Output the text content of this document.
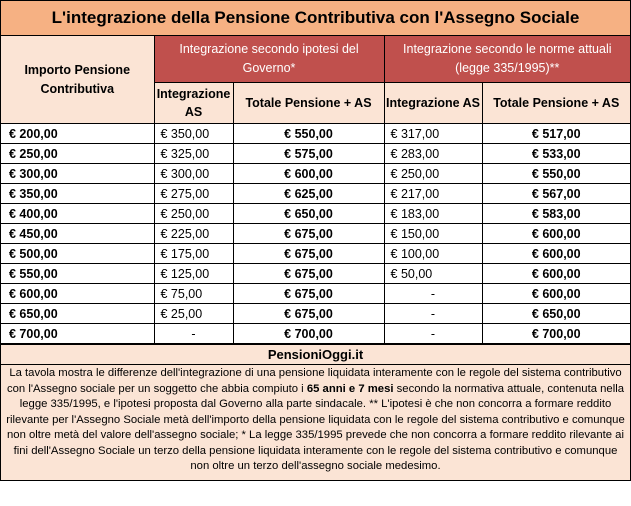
L'integrazione della Pensione Contributiva con l'Assegno Sociale
Importo Pensione Contributiva	Integrazione secondo ipotesi del Governo*		Integrazione secondo le norme attuali (legge 335/1995)**	
	Integrazione AS	Totale Pensione + AS	Integrazione AS	Totale Pensione + AS
€ 200,00	€ 350,00	€ 550,00	€ 317,00	€ 517,00
€ 250,00	€ 325,00	€ 575,00	€ 283,00	€ 533,00
€ 300,00	€ 300,00	€ 600,00	€ 250,00	€ 550,00
€ 350,00	€ 275,00	€ 625,00	€ 217,00	€ 567,00
€ 400,00	€ 250,00	€ 650,00	€ 183,00	€ 583,00
€ 450,00	€ 225,00	€ 675,00	€ 150,00	€ 600,00
€ 500,00	€ 175,00	€ 675,00	€ 100,00	€ 600,00
€ 550,00	€ 125,00	€ 675,00	€ 50,00	€ 600,00
€ 600,00	€ 75,00	€ 675,00	-	€ 600,00
€ 650,00	€ 25,00	€ 675,00	-	€ 650,00
€ 700,00	-	€ 700,00	-	€ 700,00
PensioniOggi.it
La tavola mostra le differenze dell'integrazione di una pensione liquidata interamente con le regole del sistema contributivo con l'Assegno sociale per un soggetto che abbia compiuto i 65 anni e 7 mesi secondo la normativa attuale, contenuta nella legge 335/1995, e l'ipotesi proposta dal Governo alla parte sindacale. ** L'ipotesi è che non concorra a formare reddito rilevante per l'Assegno Sociale metà dell'importo della pensione liquidata con le regole del sistema contributivo e comunque non oltre metà del valore dell'assegno sociale; * La legge 335/1995 prevede che non concorra a formare reddito rilevante ai fini dell'Assegno Sociale un terzo della pensione liquidata interamente con le regole del sistema contributivo e comunque non oltre un terzo dell'assegno sociale medesimo.
